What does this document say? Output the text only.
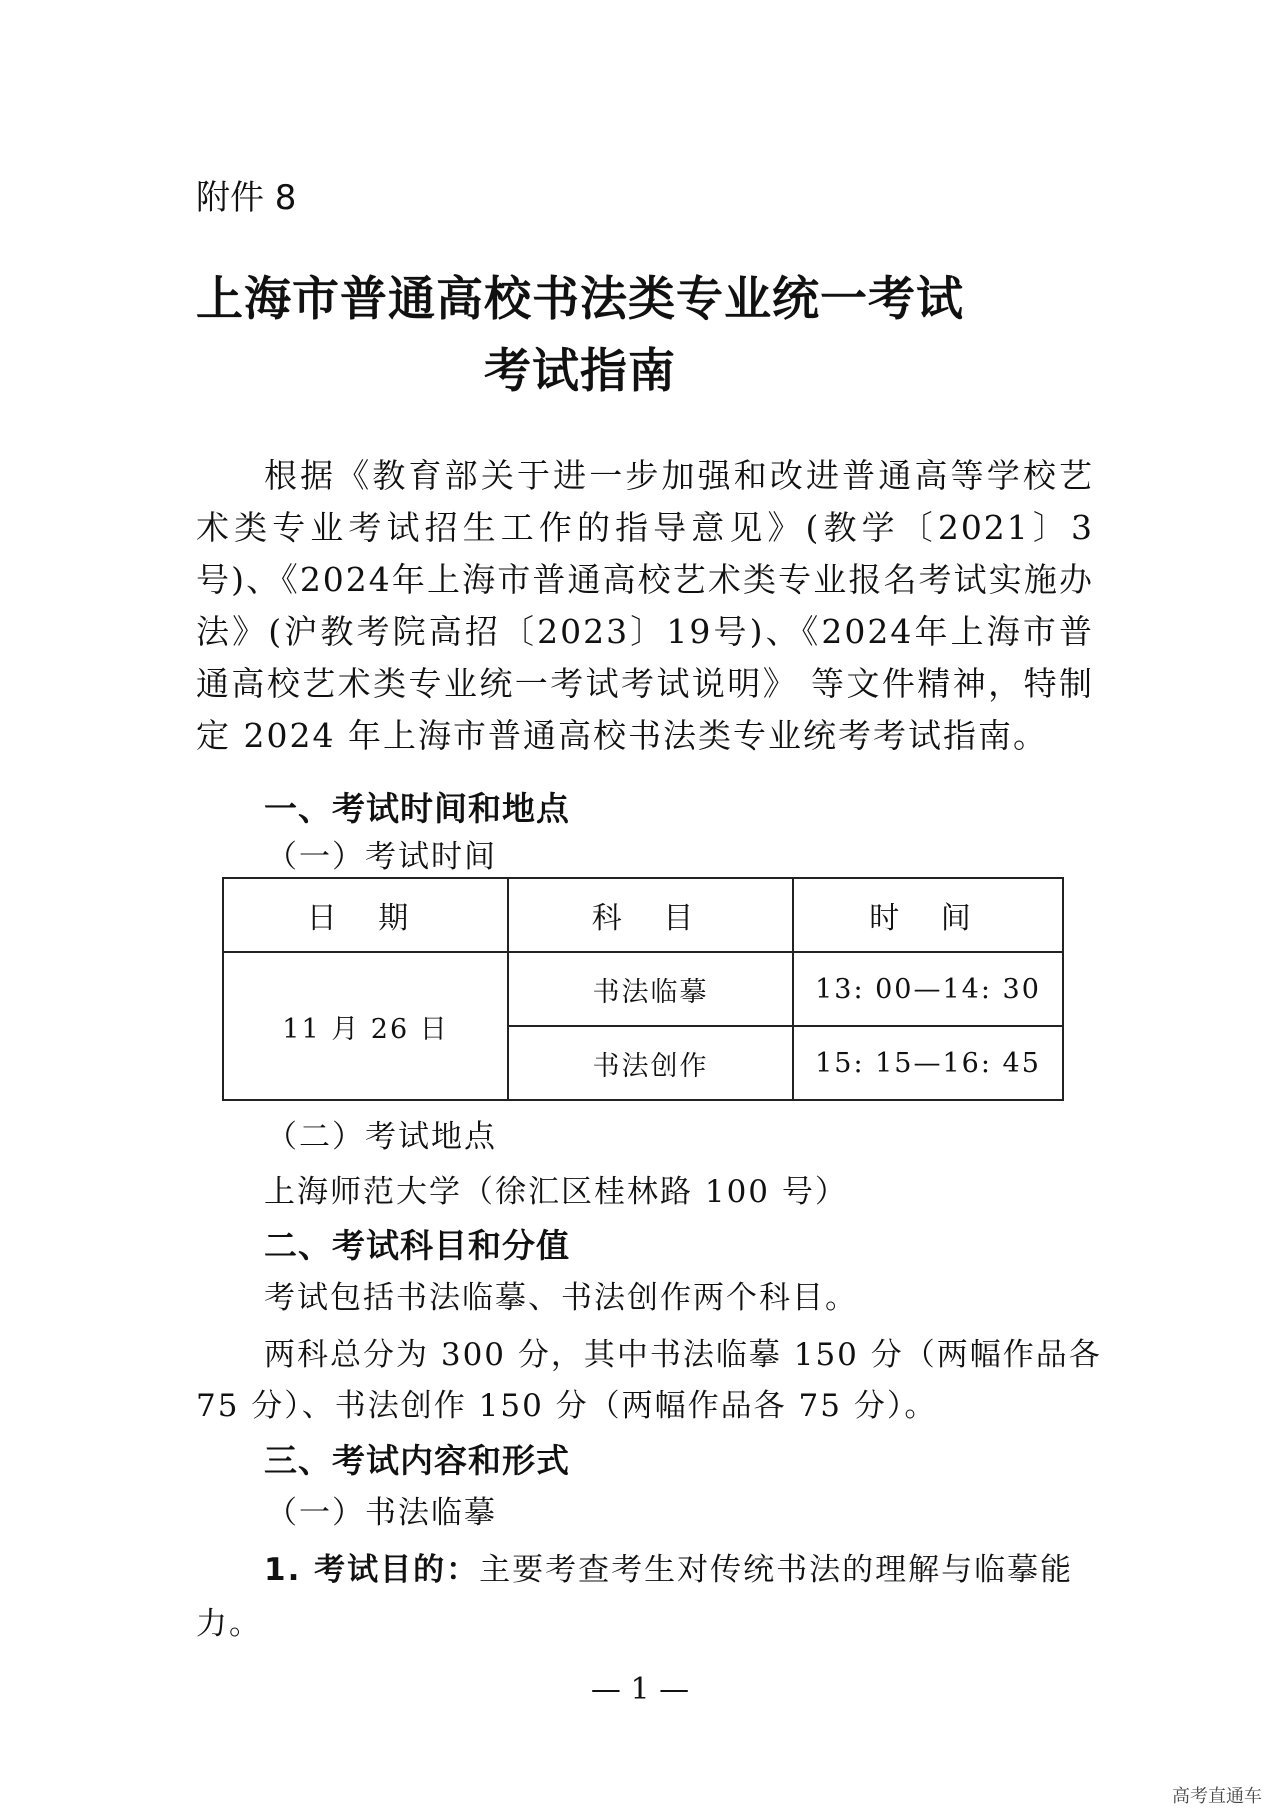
附件 8
上海市普通高校书法类专业统一考试
考试指南
根据《教育部关于进一步加强和改进普通高等学校艺术类专业考试招生工作的指导意见》(教学〔2021〕3号)、《2024年上海市普通高校艺术类专业报名考试实施办法》(沪教考院高招〔2023〕19号)、《2024年上海市普通高校艺术类专业统一考试考试说明》 等文件精神，特制定 2024 年上海市普通高校书法类专业统考考试指南。
一、考试时间和地点
（一）考试时间
日 期	科 目	时 间
11 月 26 日	书法临摹	13: 00—14: 30
	书法创作	15: 15—16: 45
（二）考试地点
上海师范大学（徐汇区桂林路 100 号）
二、考试科目和分值
考试包括书法临摹、书法创作两个科目。
两科总分为 300 分，其中书法临摹 150 分（两幅作品各
75 分）、书法创作 150 分（两幅作品各 75 分）。
三、考试内容和形式
（一）书法临摹
1. 考试目的：主要考查考生对传统书法的理解与临摹能
力。
— 1 —
高考直通车
